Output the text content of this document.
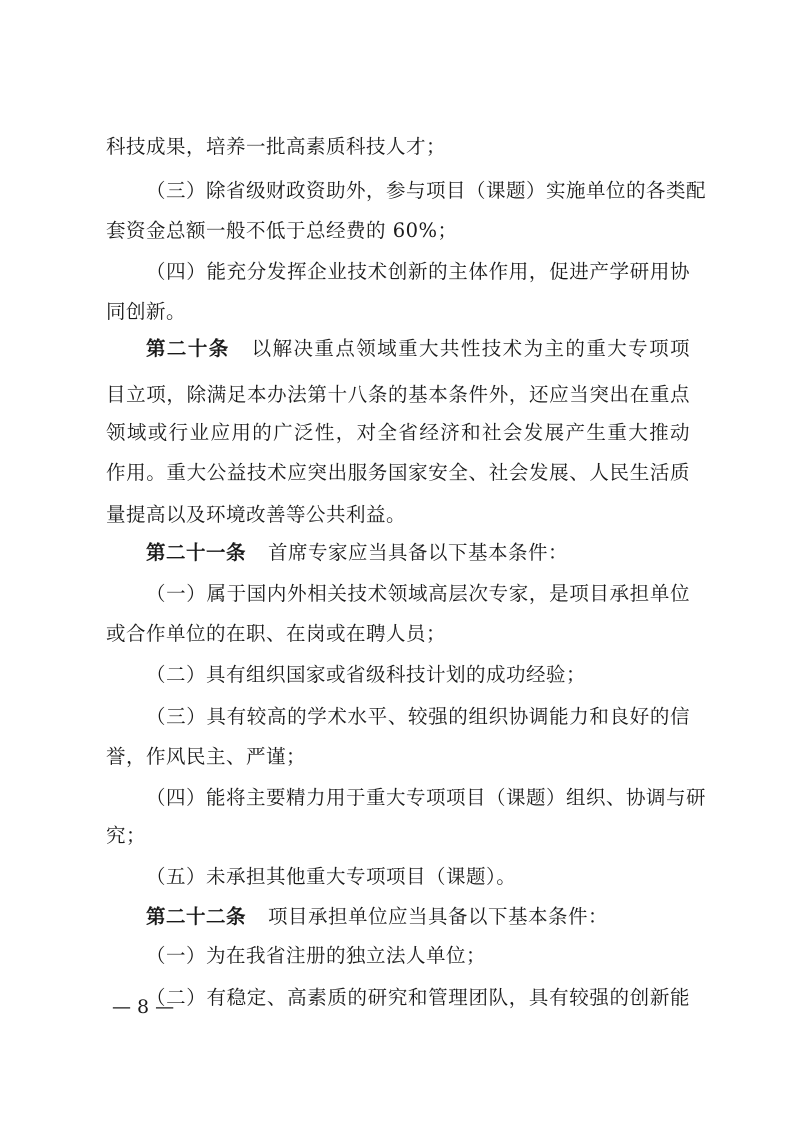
科技成果，培养一批高素质科技人才；
（三）除省级财政资助外，参与项目（课题）实施单位的各类配
套资金总额一般不低于总经费的 60%；
（四）能充分发挥企业技术创新的主体作用，促进产学研用协
同创新。
第二十条 以解决重点领域重大共性技术为主的重大专项项
目立项，除满足本办法第十八条的基本条件外，还应当突出在重点
领域或行业应用的广泛性，对全省经济和社会发展产生重大推动
作用。重大公益技术应突出服务国家安全、社会发展、人民生活质
量提高以及环境改善等公共利益。
第二十一条 首席专家应当具备以下基本条件：
（一）属于国内外相关技术领域高层次专家，是项目承担单位
或合作单位的在职、在岗或在聘人员；
（二）具有组织国家或省级科技计划的成功经验；
（三）具有较高的学术水平、较强的组织协调能力和良好的信
誉，作风民主、严谨；
（四）能将主要精力用于重大专项项目（课题）组织、协调与研
究；
（五）未承担其他重大专项项目（课题）。
第二十二条 项目承担单位应当具备以下基本条件：
（一）为在我省注册的独立法人单位；
（二）有稳定、高素质的研究和管理团队，具有较强的创新能
— 8 —
